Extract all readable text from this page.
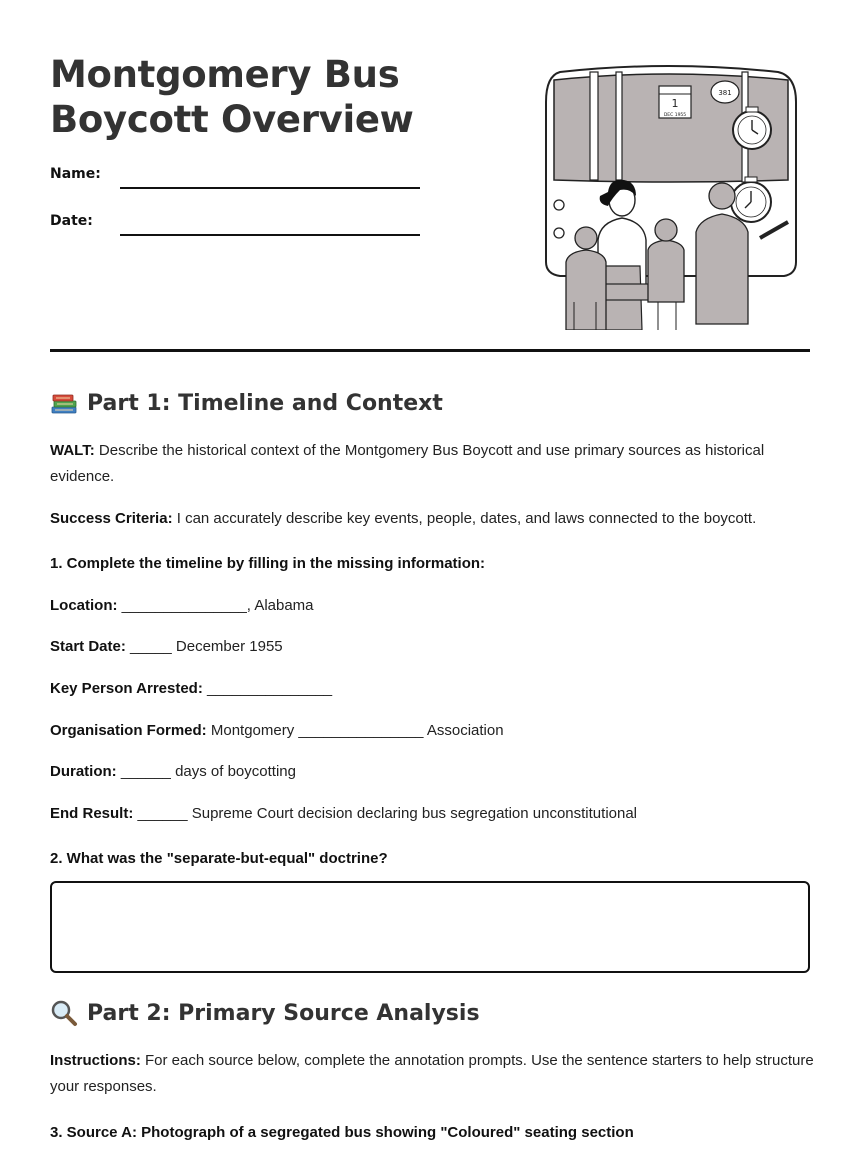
Montgomery Bus
Boycott Overview
Name:
Date:
1
DEC 1955
381
Part 1: Timeline and Context
WALT: Describe the historical context of the Montgomery Bus Boycott and use primary sources as historical evidence.
Success Criteria: I can accurately describe key events, people, dates, and laws connected to the boycott.
1. Complete the timeline by filling in the missing information:
Location: _______________, Alabama
Start Date: _____ December 1955
Key Person Arrested: _______________
Organisation Formed: Montgomery _______________ Association
Duration: ______ days of boycotting
End Result: ______ Supreme Court decision declaring bus segregation unconstitutional
2. What was the "separate-but-equal" doctrine?
Part 2: Primary Source Analysis
Instructions: For each source below, complete the annotation prompts. Use the sentence starters to help structure your responses.
3. Source A: Photograph of a segregated bus showing "Coloured" seating section
